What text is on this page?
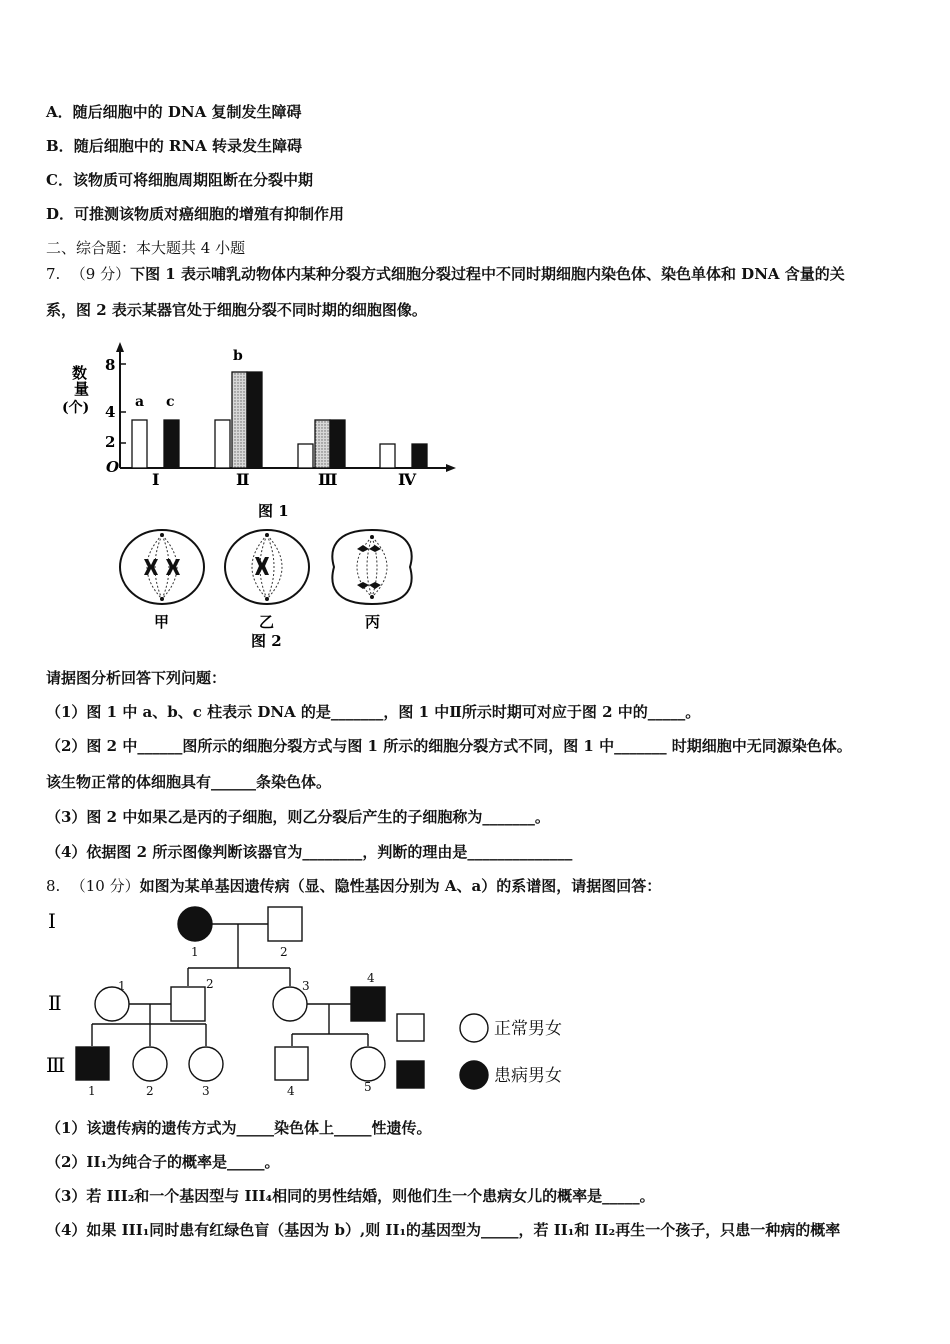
A．随后细胞中的 DNA 复制发生障碍
B．随后细胞中的 RNA 转录发生障碍
C．该物质可将细胞周期阻断在分裂中期
D．可推测该物质对癌细胞的增殖有抑制作用
二、综合题：本大题共 4 小题
7. （9 分）下图 1 表示哺乳动物体内某种分裂方式细胞分裂过程中不同时期细胞内染色体、染色单体和 DNA 含量的关
系，图 2 表示某器官处于细胞分裂不同时期的细胞图像。
数
量
(个)
O
8
4
2
a c
b
Ⅰ	Ⅱ	Ⅲ	Ⅳ
图 1
甲	乙	丙
图 2
请据图分析回答下列问题：
（1）图 1 中 a、b、c 柱表示 DNA 的是_______，图 1 中Ⅱ所示时期可对应于图 2 中的_____。
（2）图 2 中______图所示的细胞分裂方式与图 1 所示的细胞分裂方式不同，图 1 中_______ 时期细胞中无同源染色体。
该生物正常的体细胞具有______条染色体。
（3）图 2 中如果乙是丙的子细胞，则乙分裂后产生的子细胞称为_______。
（4）依据图 2 所示图像判断该器官为________，判断的理由是______________
8. （10 分）如图为某单基因遗传病（显、隐性基因分别为 A、a）的系谱图，请据图回答：
Ⅰ
Ⅱ
Ⅲ
1	2
1	2	3
4
1	2	3	4	5
正常男女
患病男女
（1）该遗传病的遗传方式为_____染色体上_____性遗传。
（2）II₁为纯合子的概率是_____。
（3）若 III₂和一个基因型与 III₄相同的男性结婚，则他们生一个患病女儿的概率是_____。
（4）如果 III₁同时患有红绿色盲（基因为 b）,则 II₁的基因型为_____，若 II₁和 II₂再生一个孩子，只患一种病的概率
